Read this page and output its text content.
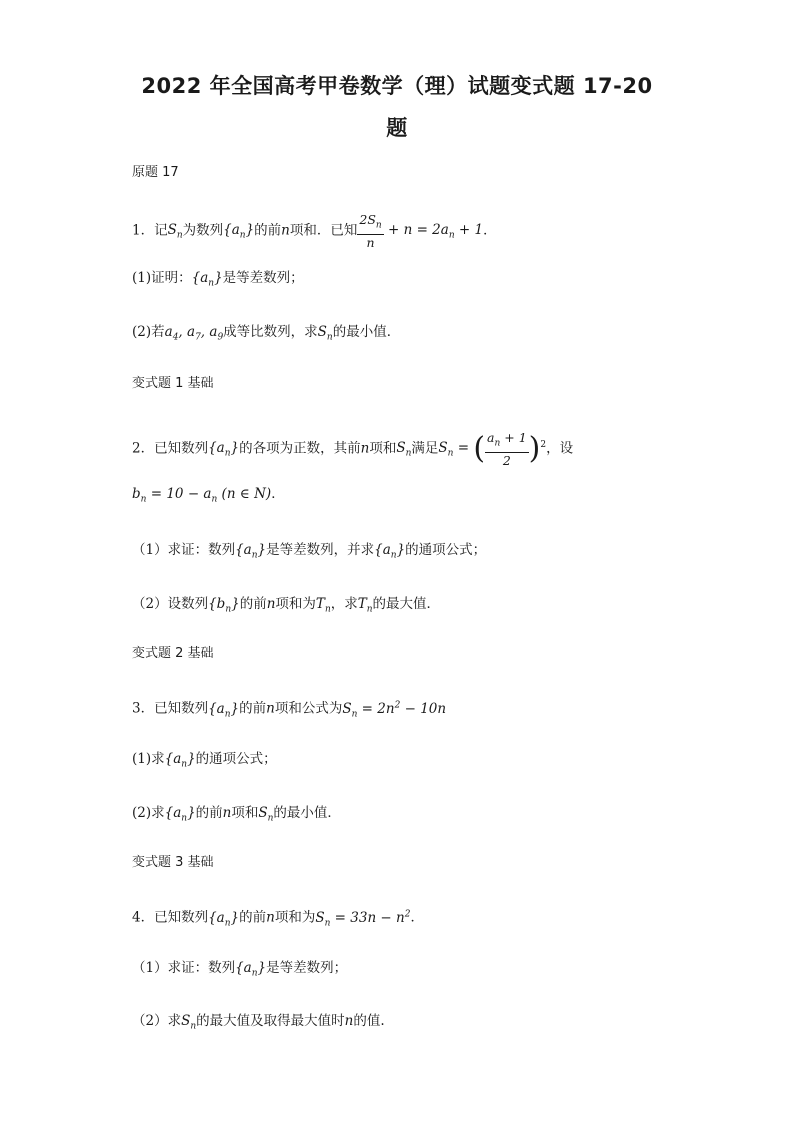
2022 年全国高考甲卷数学（理）试题变式题 17-20
题
原题 17
1．记$S_n$为数列$\{a_n\}$的前n项和．已知 $\frac{2S_n}{n} + n = 2a_n + 1$．
(1)证明：$\{a_n\}$是等差数列；
(2)若$a_4$, $a_7$, $a_9$成等比数列，求$S_n$的最小值．
变式题 1 基础
2．已知数列$\{a_n\}$的各项为正数，其前n项和$S_n$满足$S_n$ = ( $\frac{a_n + 1}{2} )^2$，设
$b_n = 10 - a_n$ (n ∈ N)．
（1）求证：数列$\{a_n\}$是等差数列，并求$\{a_n\}$的通项公式；
（2）设数列$\{b_n\}$的前n项和为$T_n$，求$T_n$的最大值．
变式题 2 基础
3．已知数列$\{a_n\}$的前n项和公式为$S_n = 2n^2 - 10n$
(1)求$\{a_n\}$的通项公式；
(2)求$\{a_n\}$的前n项和$S_n$的最小值．
变式题 3 基础
4．已知数列$\{a_n\}$的前n项和为$S_n = 33n - n^2$．
（1）求证：数列$\{a_n\}$是等差数列；
（2）求$S_n$的最大值及取得最大值时n的值.
